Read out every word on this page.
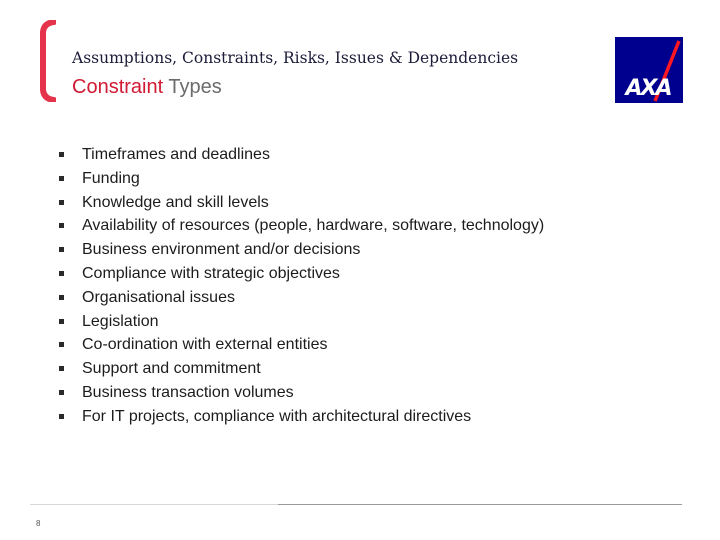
Assumptions, Constraints, Risks, Issues & Dependencies
Constraint Types	AXA
Timeframes and deadlines
Funding
Knowledge and skill levels
Availability of resources (people, hardware, software, technology)
Business environment and/or decisions
Compliance with strategic objectives
Organisational issues
Legislation
Co-ordination with external entities
Support and commitment
Business transaction volumes
For IT projects, compliance with architectural directives
8
